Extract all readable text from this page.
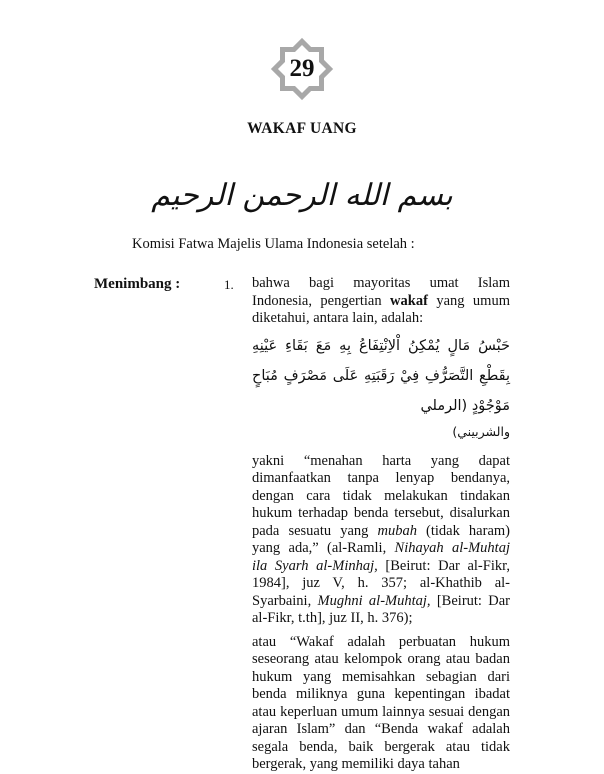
29
WAKAF UANG
بسم الله الرحمن الرحيم
Komisi Fatwa Majelis Ulama Indonesia setelah :
Menimbang :	1. bahwa bagi mayoritas umat Islam Indonesia, pengertian wakaf yang umum diketahui, antara lain, adalah:
حَبْسُ مَالٍ يُمْكِنُ اْلاِنْتِفَاعُ بِهِ مَعَ بَقَاءِ عَيْنِهِ بِقَطْعِ التَّصَرُّفِ فِيْ رَقَبَتِهِ عَلَى مَصْرَفٍ مُبَاحٍ مَوْجُوْدٍ (الرملي
والشربيني)
yakni “menahan harta yang dapat dimanfaatkan tanpa lenyap bendanya, dengan cara tidak melakukan tindakan hukum terhadap benda tersebut, disalurkan pada sesuatu yang mubah (tidak haram) yang ada,” (al-Ramli, Nihayah al-Muhtaj ila Syarh al-Minhaj, [Beirut: Dar al-Fikr, 1984], juz V, h. 357; al-Khathib al-Syarbaini, Mughni al-Muhtaj, [Beirut: Dar al-Fikr, t.th], juz II, h. 376);
atau “Wakaf adalah perbuatan hukum seseorang atau kelompok orang atau badan hukum yang memisahkan sebagian dari benda miliknya guna kepentingan ibadat atau keperluan umum lainnya sesuai dengan ajaran Islam” dan “Benda wakaf adalah segala benda, baik bergerak atau tidak bergerak, yang memiliki daya tahan
